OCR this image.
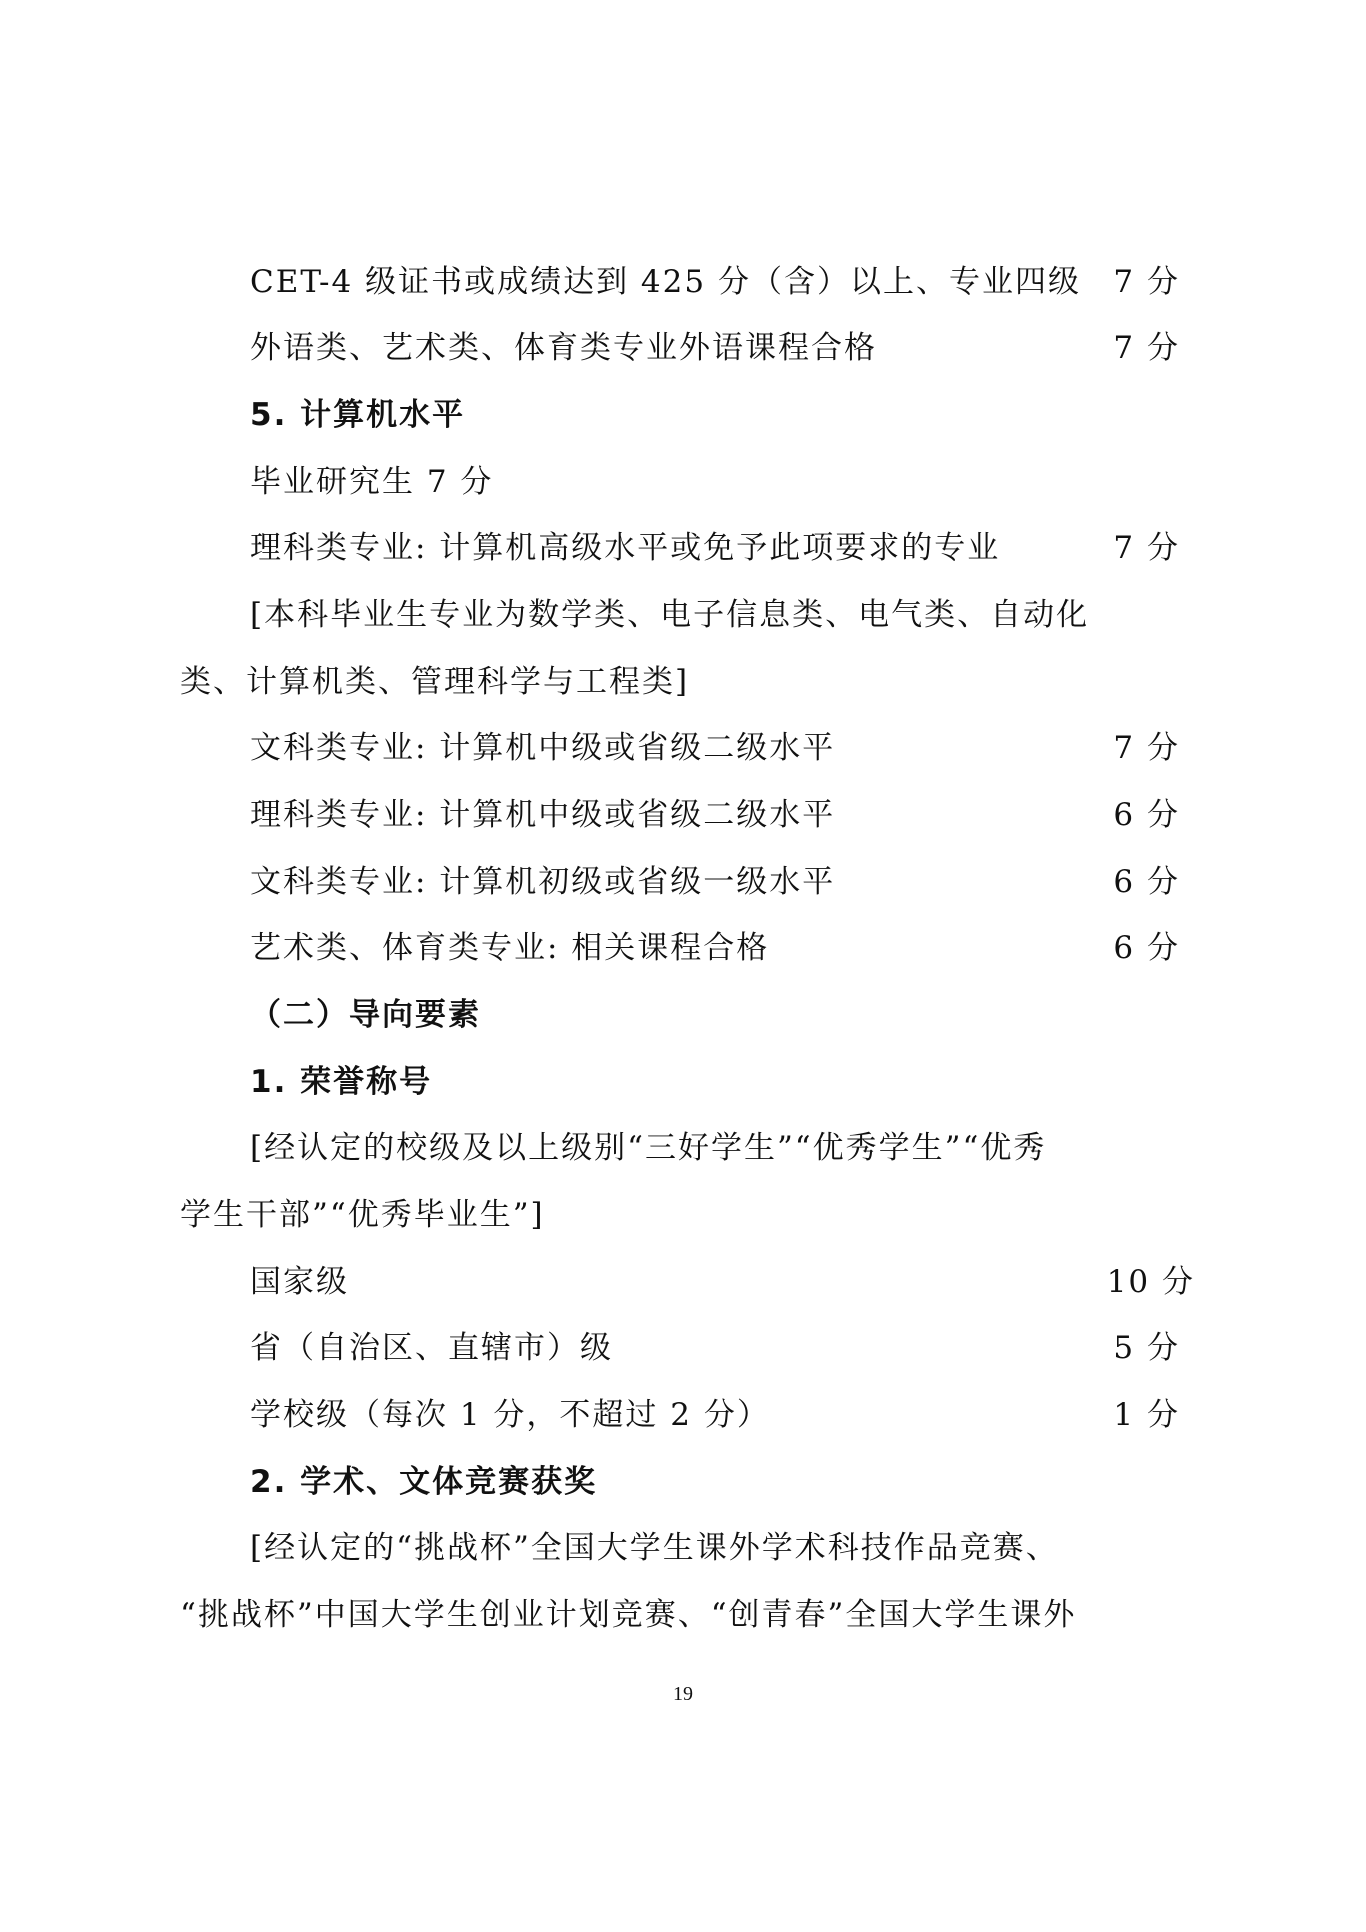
CET-4 级证书或成绩达到 425 分（含）以上、专业四级	7 分
外语类、艺术类、体育类专业外语课程合格	7 分
5. 计算机水平
毕业研究生 7 分
理科类专业: 计算机高级水平或免予此项要求的专业	7 分
[本科毕业生专业为数学类、电子信息类、电气类、自动化
类、计算机类、管理科学与工程类]
文科类专业: 计算机中级或省级二级水平	7 分
理科类专业: 计算机中级或省级二级水平	6 分
文科类专业: 计算机初级或省级一级水平	6 分
艺术类、体育类专业: 相关课程合格	6 分
（二）导向要素
1. 荣誉称号
[经认定的校级及以上级别“三好学生”“优秀学生”“优秀
学生干部”“优秀毕业生”]
国家级	10 分
省（自治区、直辖市）级	5 分
学校级（每次 1 分，不超过 2 分）	1 分
2. 学术、文体竞赛获奖
[经认定的“挑战杯”全国大学生课外学术科技作品竞赛、
“挑战杯”中国大学生创业计划竞赛、“创青春”全国大学生课外
19
